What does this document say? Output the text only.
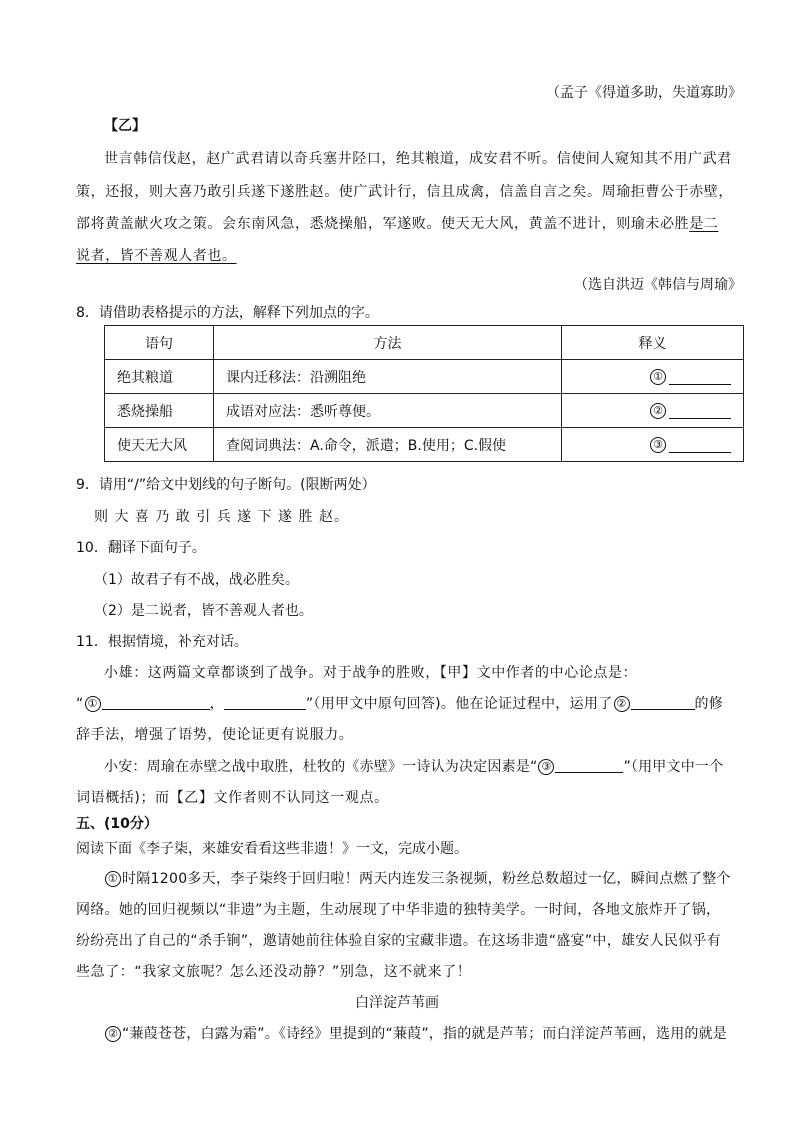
（孟子《得道多助，失道寡助》
【乙】
世言韩信伐赵，赵广武君请以奇兵塞井陉口，绝其粮道，成安君不听。信使间人窥知其不用广武君
策，还报，则大喜乃敢引兵遂下遂胜赵。使广武计行，信且成禽，信盖自言之矣。周瑜拒曹公于赤壁，
部将黄盖献火攻之策。会东南风急，悉烧操船，军遂败。使天无大风，黄盖不进计，则瑜未必胜是二
说者，皆不善观人者也。
（选自洪迈《韩信与周瑜》
8．请借助表格提示的方法，解释下列加点的字。
语句	方法	释义
绝其粮道	课内迁移法：沿溯阻绝	①

悉烧操船	成语对应法：悉听尊便。	②

使天无大风	查阅词典法：A.命令，派遣；B.使用；C.假使	③
9．请用“/”给文中划线的句子断句。(限断两处）
则 大 喜 乃 敢 引 兵 遂 下 遂 胜 赵。
10．翻译下面句子。
（1）故君子有不战，战必胜矣。
（2）是二说者，皆不善观人者也。
11．根据情境，补充对话。
小雄：这两篇文章都谈到了战争。对于战争的胜败，【甲】文中作者的中心论点是：
“ ①	，	”（用甲文中原句回答)。他在论证过程中，运用了 ②	的修
辞手法，增强了语势，使论证更有说服力。
小安：周瑜在赤壁之战中取胜，杜牧的《赤壁》一诗认为决定因素是“ ③	”（用甲文中一个
词语概括)；而【乙】文作者则不认同这一观点。
五、(10分）
阅读下面《李子柒，来雄安看看这些非遗！》一文，完成小题。
① 时隔1200多天，李子柒终于回归啦！两天内连发三条视频，粉丝总数超过一亿，瞬间点燃了整个
网络。她的回归视频以“非遗”为主题，生动展现了中华非遗的独特美学。一时间，各地文旅炸开了锅，
纷纷亮出了自己的“杀手锏”，邀请她前往体验自家的宝藏非遗。在这场非遗“盛宴”中，雄安人民似乎有
些急了：“我家文旅呢？怎么还没动静？”别急，这不就来了！
白洋淀芦苇画
② “蒹葭苍苍，白露为霜”。《诗经》里提到的“蒹葭”，指的就是芦苇；而白洋淀芦苇画，选用的就是
